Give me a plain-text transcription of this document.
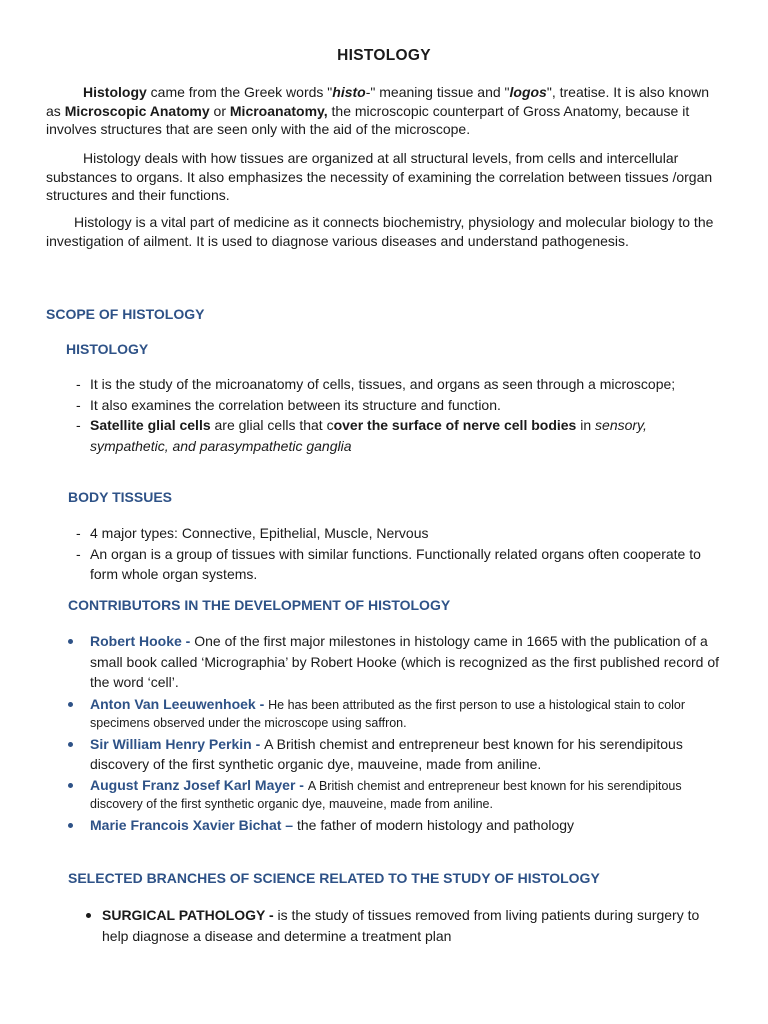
HISTOLOGY
Histology came from the Greek words "histo-" meaning tissue and "logos", treatise. It is also known as Microscopic Anatomy or Microanatomy, the microscopic counterpart of Gross Anatomy, because it involves structures that are seen only with the aid of the microscope.
Histology deals with how tissues are organized at all structural levels, from cells and intercellular substances to organs. It also emphasizes the necessity of examining the correlation between tissues /organ structures and their functions.
Histology is a vital part of medicine as it connects biochemistry, physiology and molecular biology to the investigation of ailment. It is used to diagnose various diseases and understand pathogenesis.
SCOPE OF HISTOLOGY
HISTOLOGY
- It is the study of the microanatomy of cells, tissues, and organs as seen through a microscope;
- It also examines the correlation between its structure and function.
- Satellite glial cells are glial cells that cover the surface of nerve cell bodies in sensory, sympathetic, and parasympathetic ganglia
BODY TISSUES
- 4 major types: Connective, Epithelial, Muscle, Nervous
- An organ is a group of tissues with similar functions. Functionally related organs often cooperate to form whole organ systems.
CONTRIBUTORS IN THE DEVELOPMENT OF HISTOLOGY
Robert Hooke - One of the first major milestones in histology came in 1665 with the publication of a small book called ‘Micrographia’ by Robert Hooke (which is recognized as the first published record of the word ‘cell’.
Anton Van Leeuwenhoek - He has been attributed as the first person to use a histological stain to color specimens observed under the microscope using saffron.
Sir William Henry Perkin - A British chemist and entrepreneur best known for his serendipitous discovery of the first synthetic organic dye, mauveine, made from aniline.
August Franz Josef Karl Mayer - A British chemist and entrepreneur best known for his serendipitous discovery of the first synthetic organic dye, mauveine, made from aniline.
Marie Francois Xavier Bichat – the father of modern histology and pathology
SELECTED BRANCHES OF SCIENCE RELATED TO THE STUDY OF HISTOLOGY
SURGICAL PATHOLOGY - is the study of tissues removed from living patients during surgery to help diagnose a disease and determine a treatment plan
